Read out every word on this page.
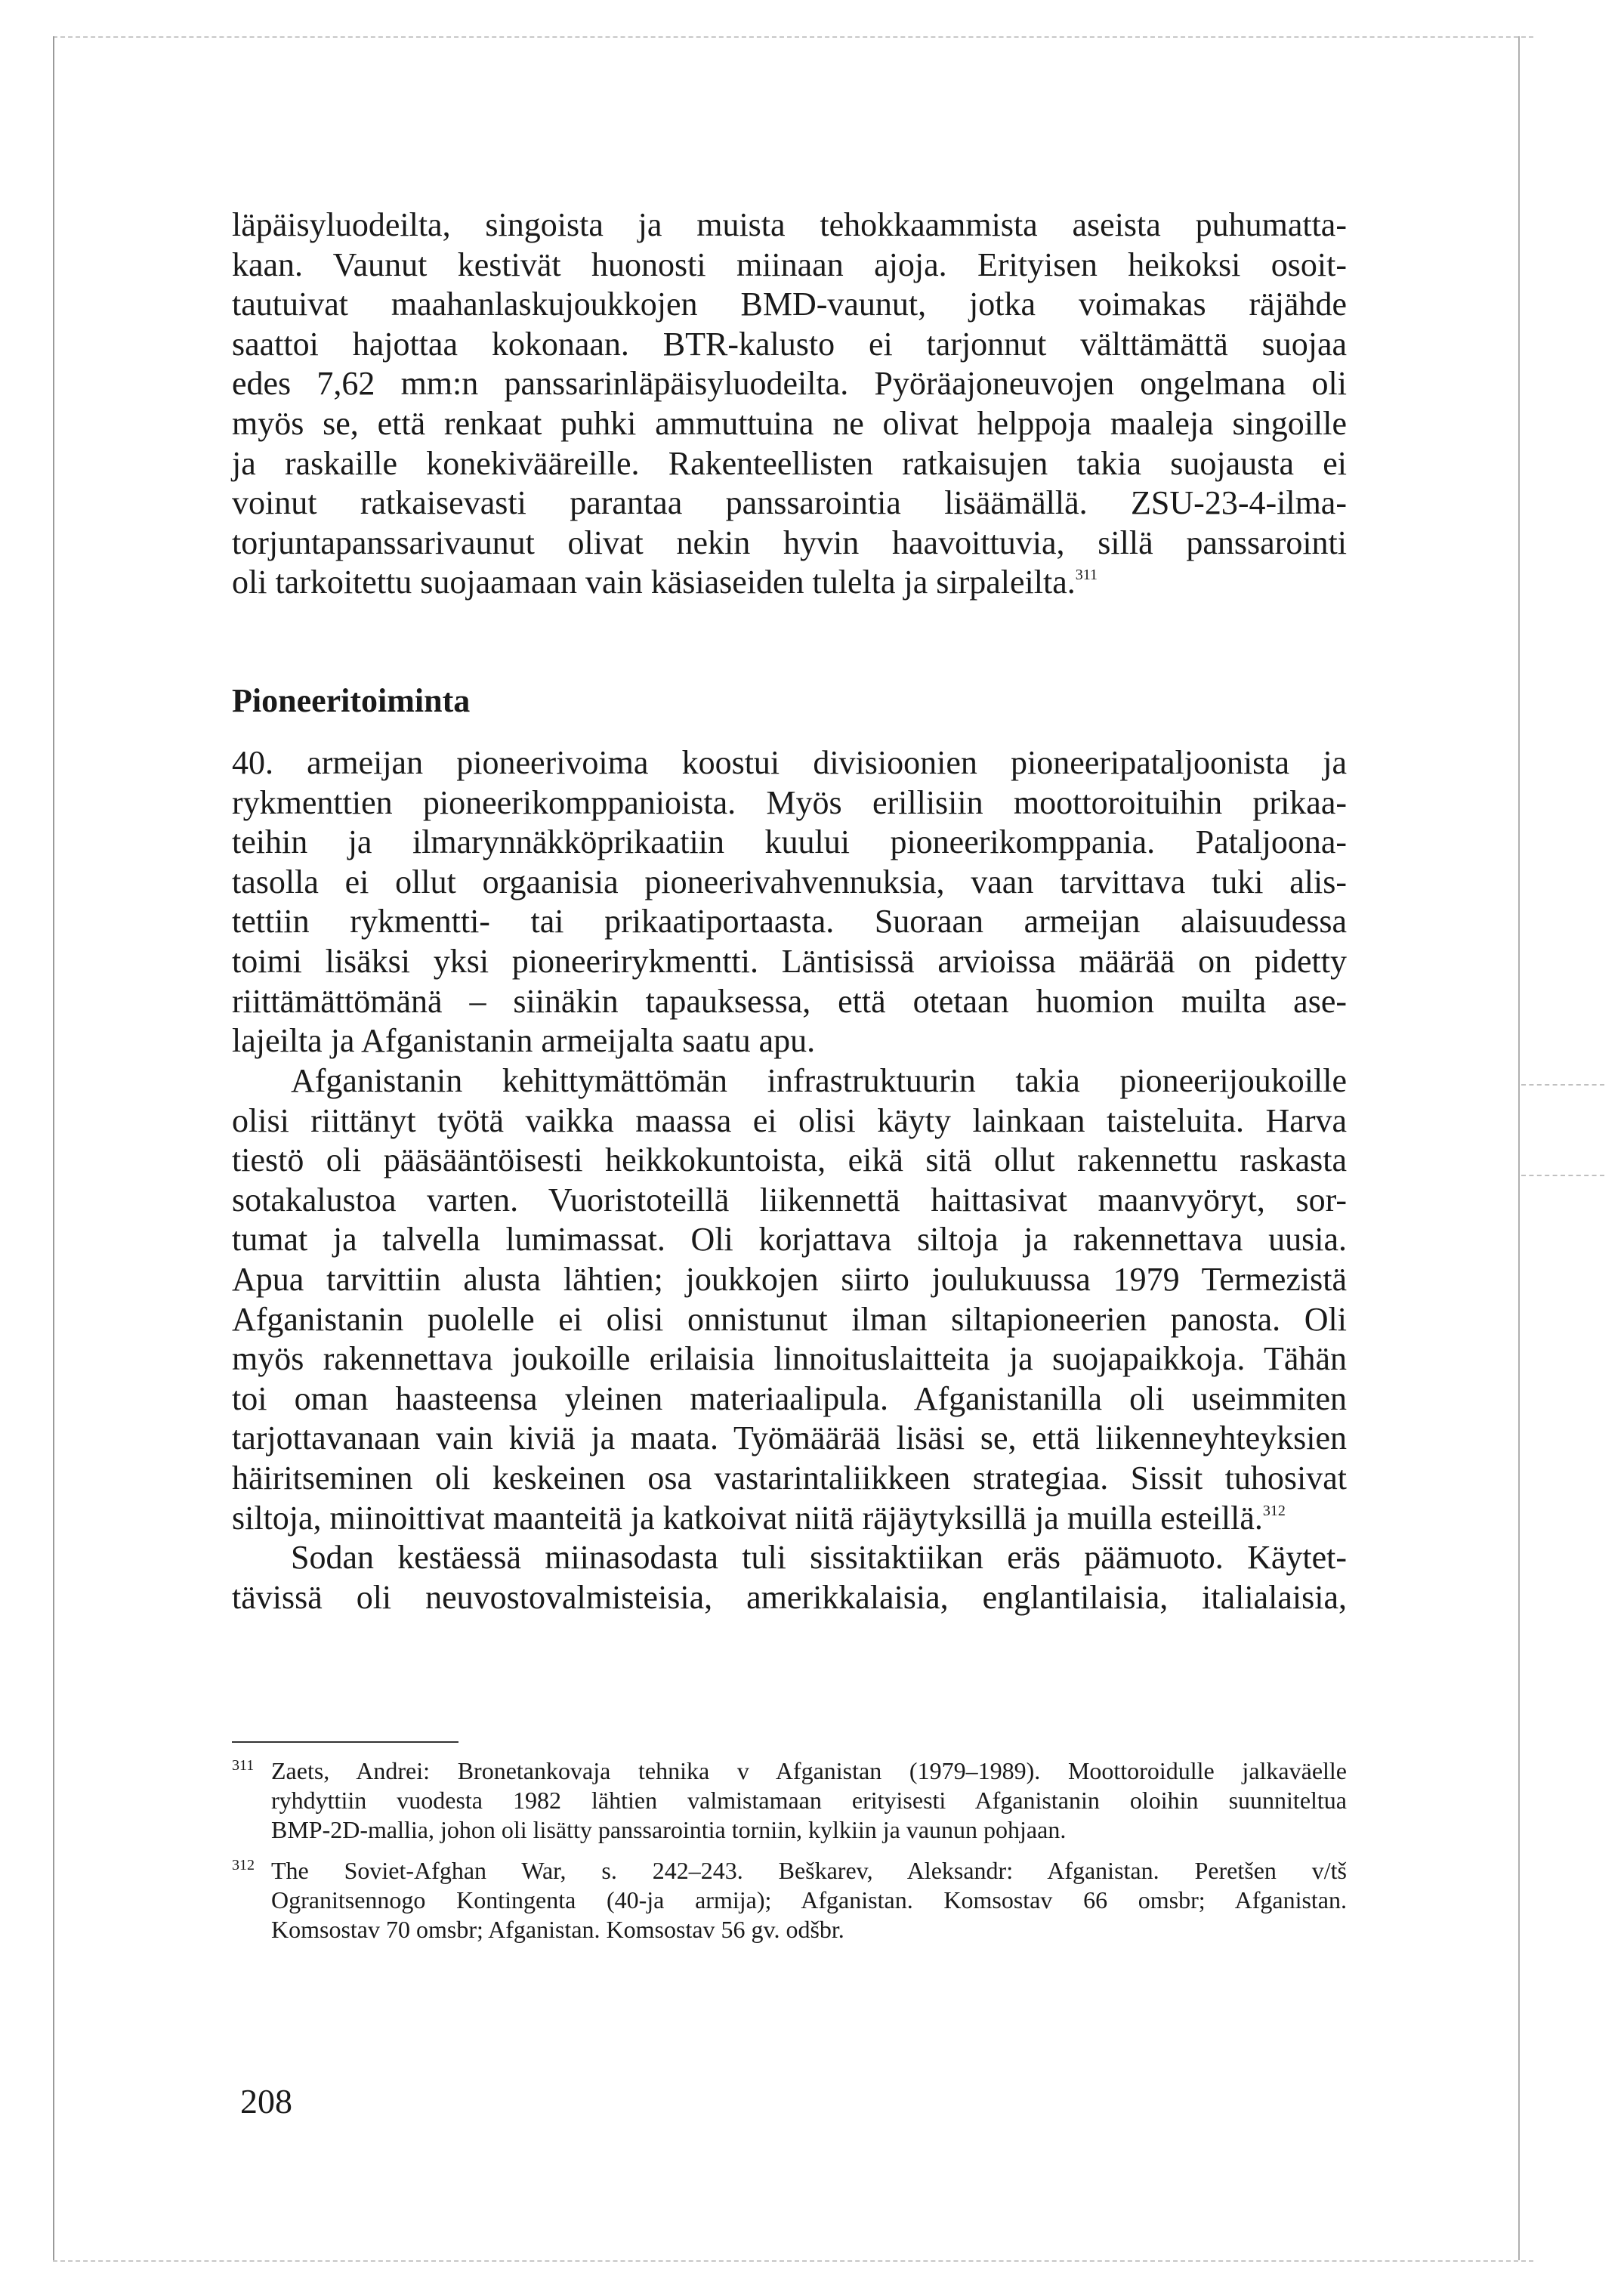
läpäisyluodeilta, singoista ja muista tehokkaammista aseista puhumatta-
kaan. Vaunut kestivät huonosti miinaan ajoja. Erityisen heikoksi osoit-
tautuivat maahanlaskujoukkojen BMD-vaunut, jotka voimakas räjähde
saattoi hajottaa kokonaan. BTR-kalusto ei tarjonnut välttämättä suojaa
edes 7,62 mm:n panssarinläpäisyluodeilta. Pyöräajoneuvojen ongelmana oli
myös se, että renkaat puhki ammuttuina ne olivat helppoja maaleja singoille
ja raskaille konekivääreille. Rakenteellisten ratkaisujen takia suojausta ei
voinut ratkaisevasti parantaa panssarointia lisäämällä. ZSU-23-4-ilma-
torjuntapanssarivaunut olivat nekin hyvin haavoittuvia, sillä panssarointi
oli tarkoitettu suojaamaan vain käsiaseiden tulelta ja sirpaleilta.$^{311}$
Pioneeritoiminta
40. armeijan pioneerivoima koostui divisioonien pioneeripataljoonista ja
rykmenttien pioneerikomppanioista. Myös erillisiin moottoroituihin prikaa-
teihin ja ilmarynnäkköprikaatiin kuului pioneerikomppania. Pataljoona-
tasolla ei ollut orgaanisia pioneerivahvennuksia, vaan tarvittava tuki alis-
tettiin rykmentti- tai prikaatiportaasta. Suoraan armeijan alaisuudessa
toimi lisäksi yksi pioneerirykmentti. Läntisissä arvioissa määrää on pidetty
riittämättömänä – siinäkin tapauksessa, että otetaan huomion muilta ase-
lajeilta ja Afganistanin armeijalta saatu apu.
Afganistanin kehittymättömän infrastruktuurin takia pioneerijoukoille
olisi riittänyt työtä vaikka maassa ei olisi käyty lainkaan taisteluita. Harva
tiestö oli pääsääntöisesti heikkokuntoista, eikä sitä ollut rakennettu raskasta
sotakalustoa varten. Vuoristoteillä liikennettä haittasivat maanvyöryt, sor-
tumat ja talvella lumimassat. Oli korjattava siltoja ja rakennettava uusia.
Apua tarvittiin alusta lähtien; joukkojen siirto joulukuussa 1979 Termezistä
Afganistanin puolelle ei olisi onnistunut ilman siltapioneerien panosta. Oli
myös rakennettava joukoille erilaisia linnoituslaitteita ja suojapaikkoja. Tähän
toi oman haasteensa yleinen materiaalipula. Afganistanilla oli useimmiten
tarjottavanaan vain kiviä ja maata. Työmäärää lisäsi se, että liikenneyhteyksien
häiritseminen oli keskeinen osa vastarintaliikkeen strategiaa. Sissit tuhosivat
siltoja, miinoittivat maanteitä ja katkoivat niitä räjäytyksillä ja muilla esteillä.$^{312}$
Sodan kestäessä miinasodasta tuli sissitaktiikan eräs päämuoto. Käytet-
tävissä oli neuvostovalmisteisia, amerikkalaisia, englantilaisia, italialaisia,
311 Zaets, Andrei: Bronetankovaja tehnika v Afganistan (1979–1989). Moottoroidulle jalkaväelle
ryhdyttiin vuodesta 1982 lähtien valmistamaan erityisesti Afganistanin oloihin suunniteltua
BMP-2D-mallia, johon oli lisätty panssarointia torniin, kylkiin ja vaunun pohjaan.
312 The Soviet-Afghan War, s. 242–243. Beškarev, Aleksandr: Afganistan. Peretšen v/tš
Ogranitsennogo Kontingenta (40-ja armija); Afganistan. Komsostav 66 omsbr; Afganistan.
Komsostav 70 omsbr; Afganistan. Komsostav 56 gv. odšbr.
208
